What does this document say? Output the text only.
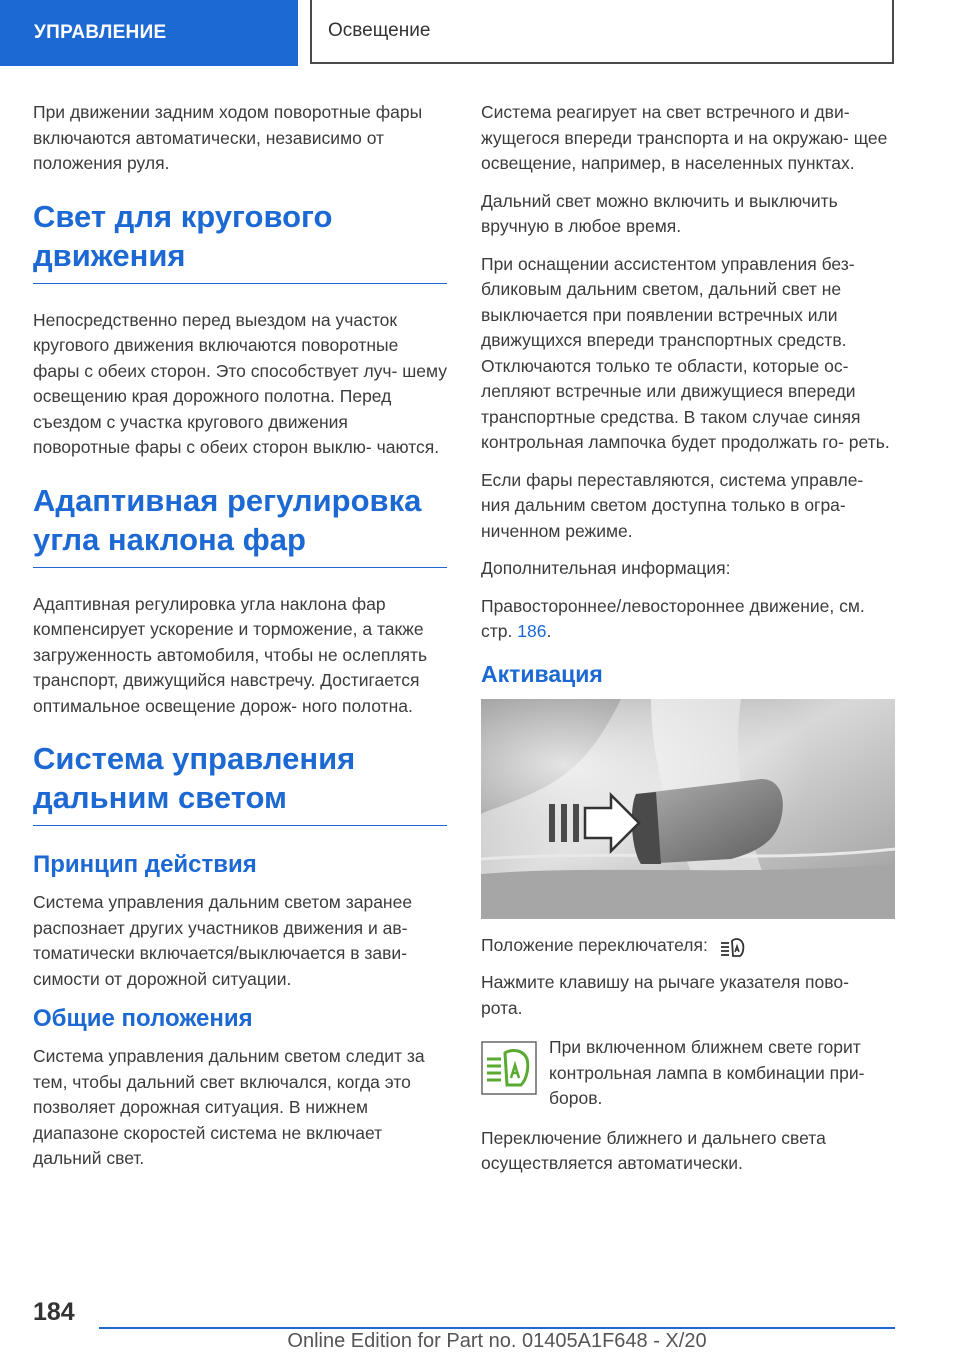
УПРАВЛЕНИЕ	Освещение

При движении задним ходом поворотные фары включаются автоматически, независимо от положения руля.

Свет для кругового движения

Непосредственно перед выездом на участок кругового движения включаются поворотные фары с обеих сторон. Это способствует луч- шему освещению края дорожного полотна. Перед съездом с участка кругового движения поворотные фары с обеих сторон выклю- чаются.

Адаптивная регулировка угла наклона фар

Адаптивная регулировка угла наклона фар компенсирует ускорение и торможение, а также загруженность автомобиля, чтобы не ослеплять транспорт, движущийся навстречу. Достигается оптимальное освещение дорож- ного полотна.

Система управления дальним светом
Принцип действия

Система управления дальним светом заранее распознает других участников движения и ав- томатически включается/выключается в зави- симости от дорожной ситуации.

Общие положения

Система управления дальним светом следит за тем, чтобы дальний свет включался, когда это позволяет дорожная ситуация. В нижнем диапазоне скоростей система не включает дальний свет.

Система реагирует на свет встречного и дви- жущегося впереди транспорта и на окружаю- щее освещение, например, в населенных пунктах.

Дальний свет можно включить и выключить вручную в любое время.

При оснащении ассистентом управления без- бликовым дальним светом, дальний свет не выключается при появлении встречных или движущихся впереди транспортных средств. Отключаются только те области, которые ос- лепляют встречные или движущиеся впереди транспортные средства. В таком случае синяя контрольная лампочка будет продолжать го- реть.

Если фары переставляются, система управле- ния дальним светом доступна только в огра- ниченном режиме.

Дополнительная информация:

Правостороннее/левостороннее движение, см. стр. 186.

Активация

Положение переключателя:

Нажмите клавишу на рычаге указателя пово- рота.

При включенном ближнем свете горит контрольная лампа в комбинации при- боров.

Переключение ближнего и дальнего света осуществляется автоматически.

184
Online Edition for Part no. 01405A1F648 - X/20
